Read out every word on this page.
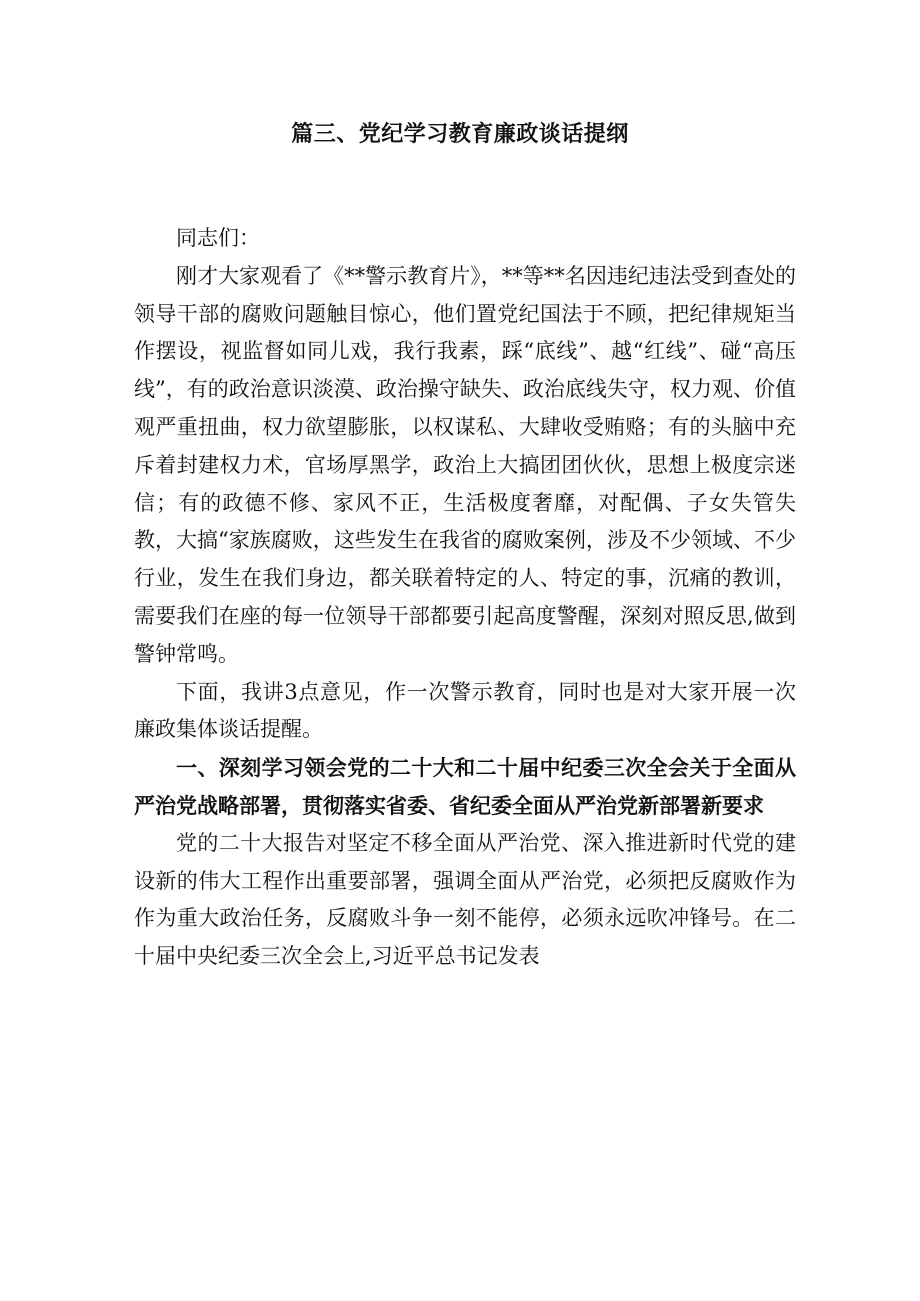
篇三、党纪学习教育廉政谈话提纲

同志们：

刚才大家观看了《**警示教育片》，**等**名因违纪违法受到查处的领导干部的腐败问题触目惊心，他们置党纪国法于不顾，把纪律规矩当作摆设，视监督如同儿戏，我行我素，踩“底线”、越“红线”、碰“高压线”，有的政治意识淡漠、政治操守缺失、政治底线失守，权力观、价值观严重扭曲，权力欲望膨胀，以权谋私、大肆收受贿赂；有的头脑中充斥着封建权力术，官场厚黑学，政治上大搞团团伙伙，思想上极度宗迷信；有的政德不修、家风不正，生活极度奢靡，对配偶、子女失管失教，大搞“家族腐败，这些发生在我省的腐败案例，涉及不少领域、不少行业，发生在我们身边，都关联着特定的人、特定的事，沉痛的教训，需要我们在座的每一位领导干部都要引起高度警醒，深刻对照反思,做到警钟常鸣。

下面，我讲3点意见，作一次警示教育，同时也是对大家开展一次廉政集体谈话提醒。

一、深刻学习领会党的二十大和二十届中纪委三次全会关于全面从严治党战略部署，贯彻落实省委、省纪委全面从严治党新部署新要求

党的二十大报告对坚定不移全面从严治党、深入推进新时代党的建设新的伟大工程作出重要部署，强调全面从严治党，必须把反腐败作为作为重大政治任务，反腐败斗争一刻不能停，必须永远吹冲锋号。在二十届中央纪委三次全会上,习近平总书记发表
